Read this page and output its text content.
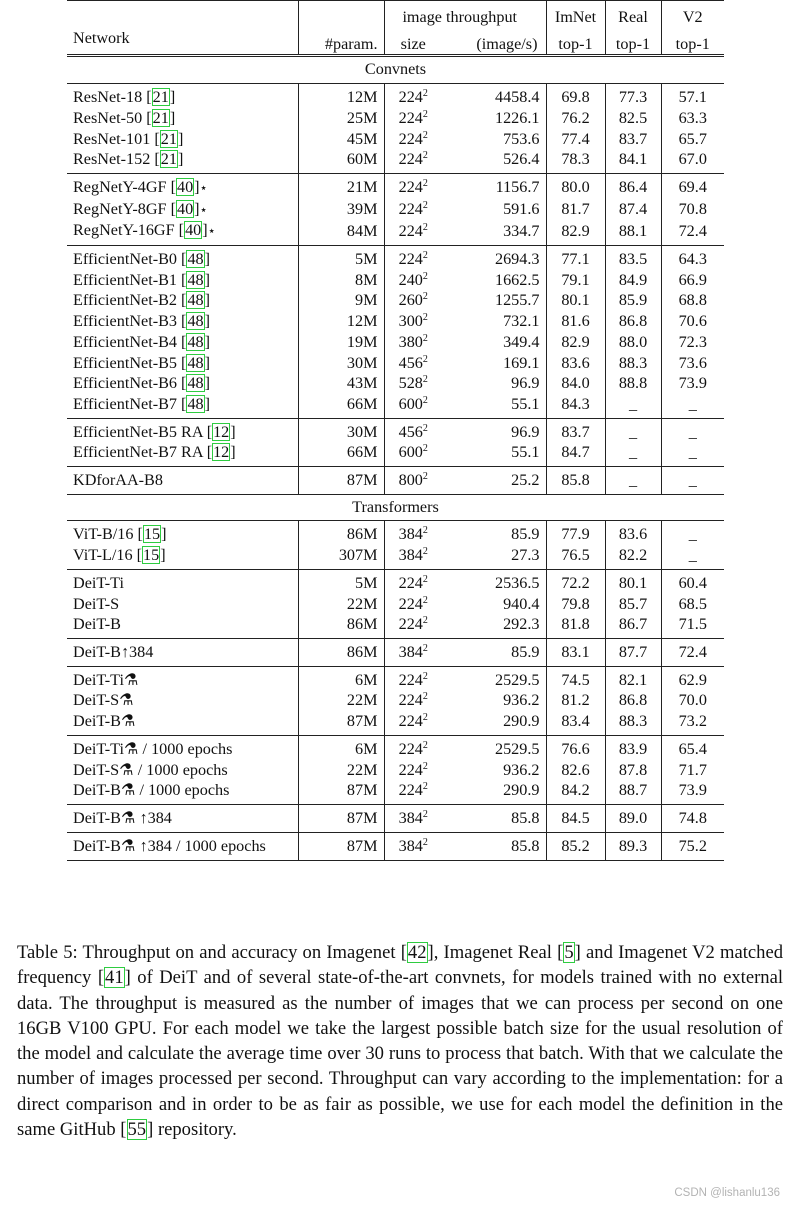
		image	throughput	ImNet	Real	V2
Network	#param.	size	(image/s)	top-1	top-1	top-1
Convnets						
ResNet-18 [21]	12M	$224^2$	4458.4	69.8	77.3	57.1
ResNet-50 [21]	25M	$224^2$	1226.1	76.2	82.5	63.3
ResNet-101 [21]	45M	$224^2$	753.6	77.4	83.7	65.7
ResNet-152 [21]	60M	$224^2$	526.4	78.3	84.1	67.0
RegNetY-4GF [40]⋆	21M	$224^2$	1156.7	80.0	86.4	69.4
RegNetY-8GF [40]⋆	39M	$224^2$	591.6	81.7	87.4	70.8
RegNetY-16GF [40]⋆	84M	$224^2$	334.7	82.9	88.1	72.4
EfficientNet-B0 [48]	5M	$224^2$	2694.3	77.1	83.5	64.3
EfficientNet-B1 [48]	8M	$240^2$	1662.5	79.1	84.9	66.9
EfficientNet-B2 [48]	9M	$260^2$	1255.7	80.1	85.9	68.8
EfficientNet-B3 [48]	12M	$300^2$	732.1	81.6	86.8	70.6
EfficientNet-B4 [48]	19M	$380^2$	349.4	82.9	88.0	72.3
EfficientNet-B5 [48]	30M	$456^2$	169.1	83.6	88.3	73.6
EfficientNet-B6 [48]	43M	$528^2$	96.9	84.0	88.8	73.9
EfficientNet-B7 [48]	66M	$600^2$	55.1	84.3	_	_
EfficientNet-B5 RA [12]	30M	$456^2$	96.9	83.7	_	_
EfficientNet-B7 RA [12]	66M	$600^2$	55.1	84.7	_	_
KDforAA-B8	87M	$800^2$	25.2	85.8	_	_
Transformers						
ViT-B/16 [15]	86M	$384^2$	85.9	77.9	83.6	_
ViT-L/16 [15]	307M	$384^2$	27.3	76.5	82.2	_
DeiT-Ti	5M	$224^2$	2536.5	72.2	80.1	60.4
DeiT-S	22M	$224^2$	940.4	79.8	85.7	68.5
DeiT-B	86M	$224^2$	292.3	81.8	86.7	71.5
DeiT-B↑384	86M	$384^2$	85.9	83.1	87.7	72.4
DeiT-Ti⚗	6M	$224^2$	2529.5	74.5	82.1	62.9
DeiT-S⚗	22M	$224^2$	936.2	81.2	86.8	70.0
DeiT-B⚗	87M	$224^2$	290.9	83.4	88.3	73.2
DeiT-Ti⚗ / 1000 epochs	6M	$224^2$	2529.5	76.6	83.9	65.4
DeiT-S⚗ / 1000 epochs	22M	$224^2$	936.2	82.6	87.8	71.7
DeiT-B⚗ / 1000 epochs	87M	$224^2$	290.9	84.2	88.7	73.9
DeiT-B⚗ ↑384	87M	$384^2$	85.8	84.5	89.0	74.8
DeiT-B⚗ ↑384 / 1000 epochs	87M	$384^2$	85.8	85.2	89.3	75.2
Table 5: Throughput on and accuracy on Imagenet [42], Imagenet Real [5] and Imagenet V2 matched frequency [41] of DeiT and of several state-of-the-art convnets, for models trained with no external data. The throughput is measured as the number of images that we can process per second on one 16GB V100 GPU. For each model we take the largest possible batch size for the usual resolution of the model and calculate the average time over 30 runs to process that batch. With that we calculate the number of images processed per second. Throughput can vary according to the implementation: for a direct comparison and in order to be as fair as possible, we use for each model the definition in the same GitHub [55] repository.
CSDN @lishanlu136
